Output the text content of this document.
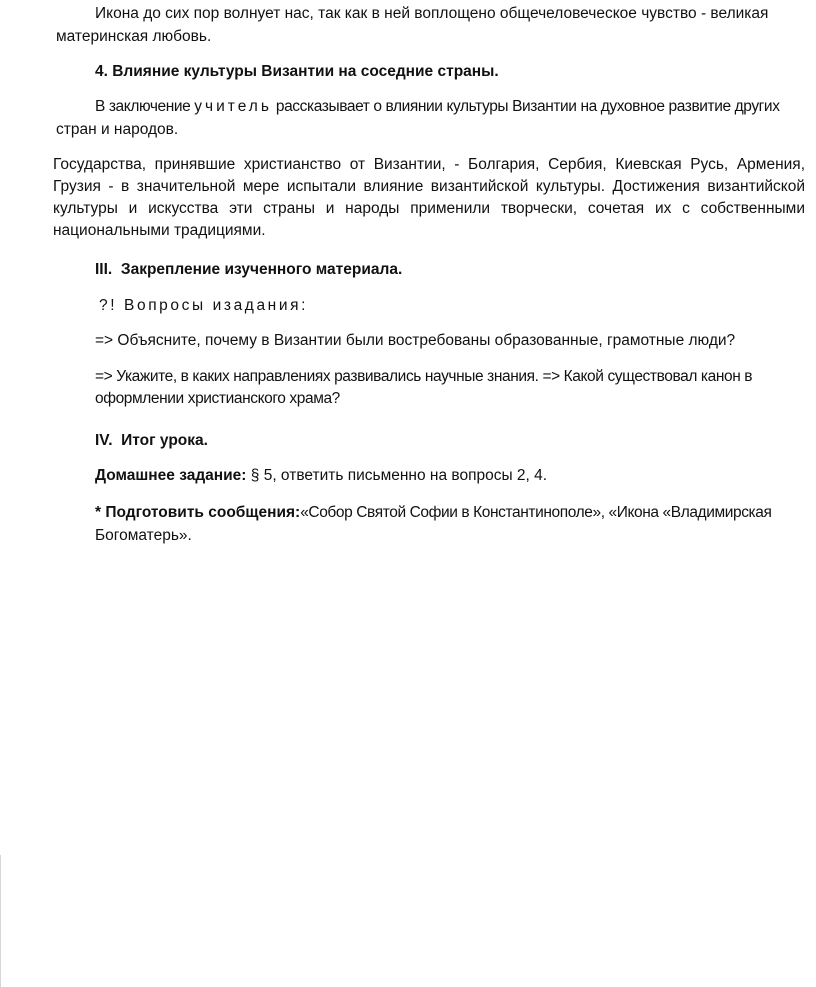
Икона до сих пор волнует нас, так как в ней воплощено общечеловеческое чувство - великая

материнская любовь.

4. Влияние культуры Византии на соседние страны.

В заключение учитель рассказывает о влиянии культуры Византии на духовное развитие других

стран и народов.

Государства, принявшие христианство от Византии, - Болгария, Сербия, Киевская Русь, Армения, Грузия - в значительной мере испытали влияние византийской культуры. Достижения византийской культуры и искусства эти страны и народы применили творчески, сочетая их с собственными национальными традициями.

III. Закрепление изученного материала.

?! Вопросы изадания:

=> Объясните, почему в Византии были востребованы образованные, грамотные люди?

=> Укажите, в каких направлениях развивались научные знания. => Какой существовал канон в

оформлении христианского храма?

IV. Итог урока.

Домашнее задание: § 5, ответить письменно на вопросы 2, 4.

* Подготовить сообщения:«Собор Святой Софии в Константинополе», «Икона «Владимирская

Богоматерь».
